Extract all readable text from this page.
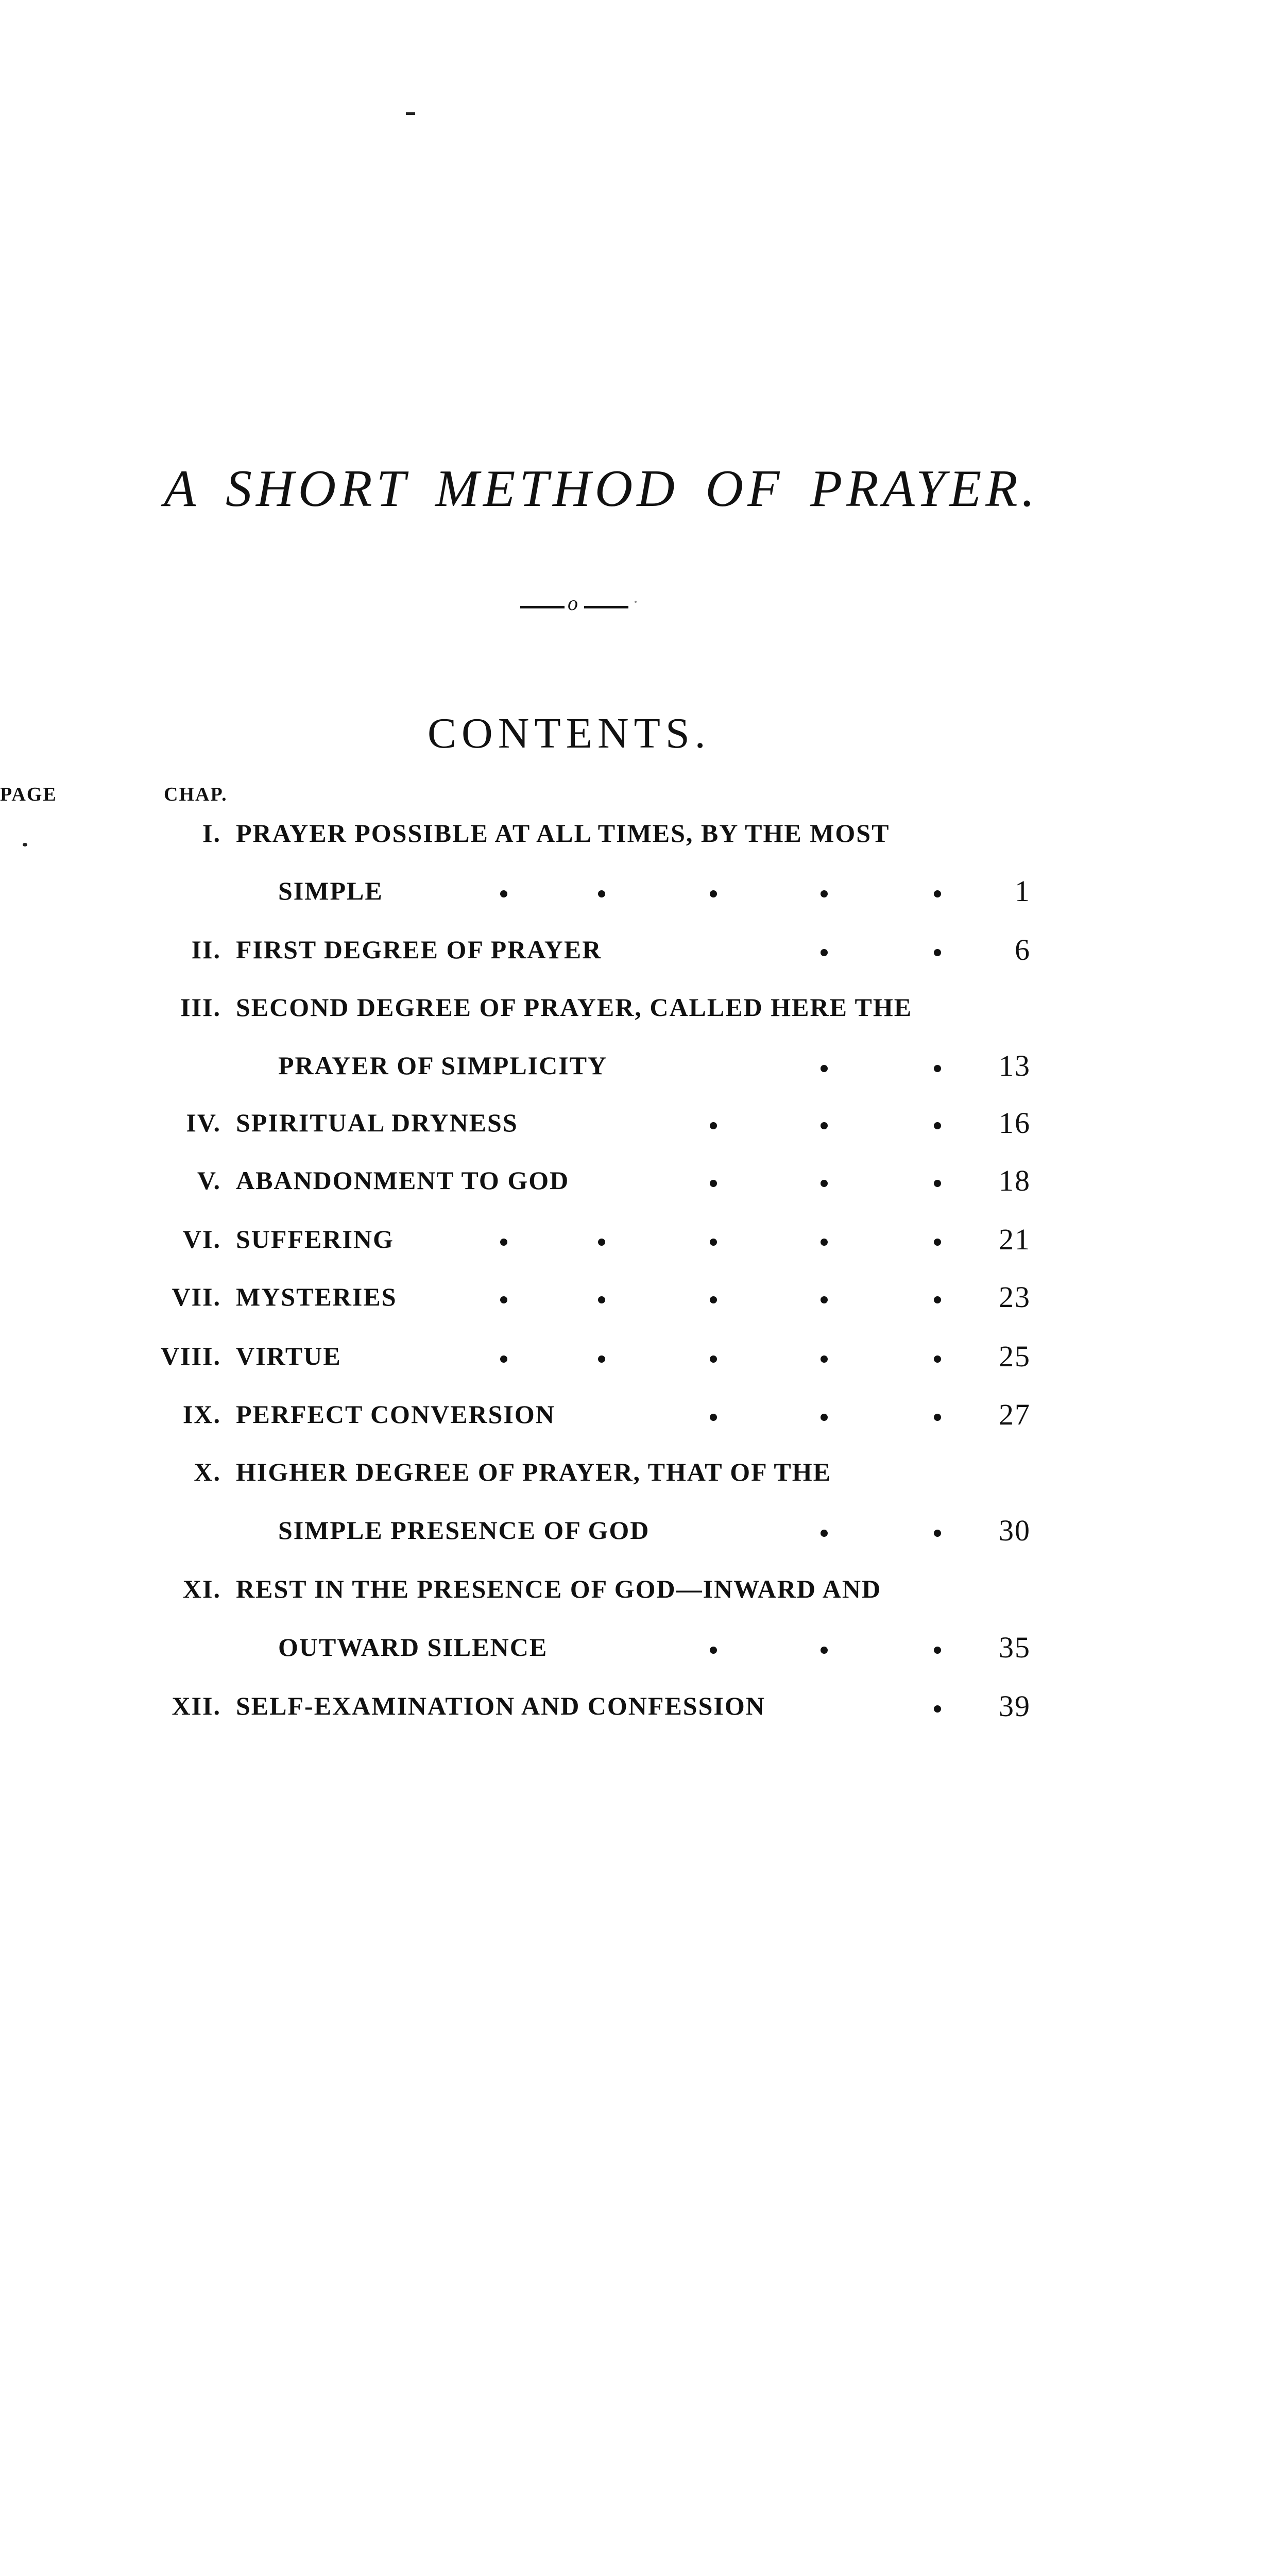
A SHORT METHOD OF PRAYER.
o
CONTENTS.
CHAP.
PAGE
I. PRAYER POSSIBLE AT ALL TIMES, BY THE MOST
SIMPLE	1
II. FIRST DEGREE OF PRAYER	6
III. SECOND DEGREE OF PRAYER, CALLED HERE THE
PRAYER OF SIMPLICITY	13
IV. SPIRITUAL DRYNESS	16
V. ABANDONMENT TO GOD	18
VI. SUFFERING	21
VII. MYSTERIES	23
VIII. VIRTUE	25
IX. PERFECT CONVERSION	27
X. HIGHER DEGREE OF PRAYER, THAT OF THE
SIMPLE PRESENCE OF GOD	30
XI. REST IN THE PRESENCE OF GOD—INWARD AND
OUTWARD SILENCE	35
XII. SELF-EXAMINATION AND CONFESSION	39
